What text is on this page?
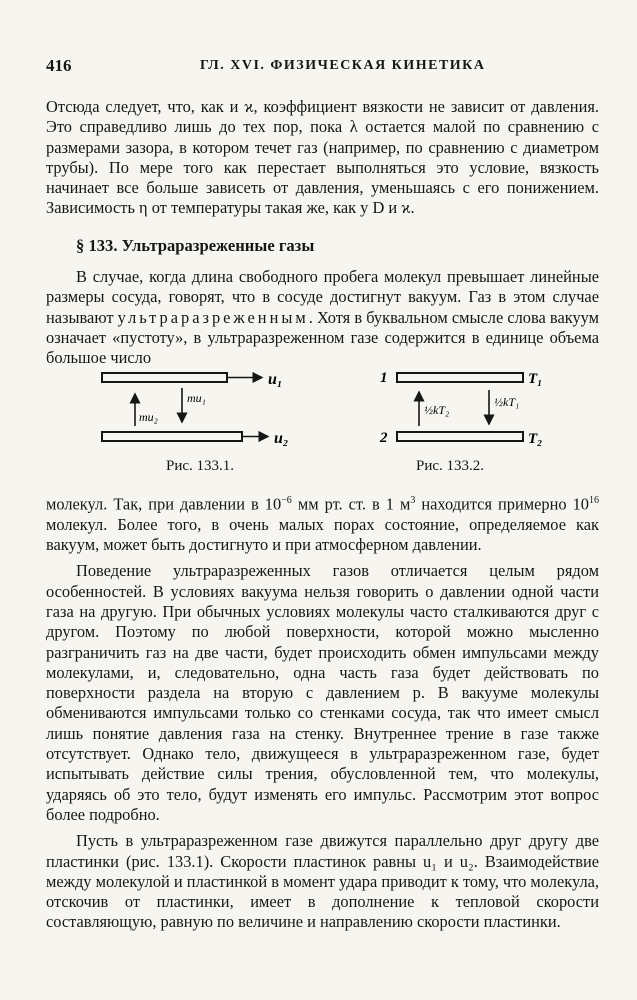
416	ГЛ. XVI. ФИЗИЧЕСКАЯ КИНЕТИКА

Отсюда следует, что, как и ϰ, коэффициент вязкости не зависит от давления. Это справедливо лишь до тех пор, пока λ остается малой по сравнению с размерами зазора, в котором течет газ (например, по сравнению с диаметром трубы). По мере того как перестает выполняться это условие, вязкость начинает все больше зависеть от давления, уменьшаясь с его понижением. Зависимость η от температуры такая же, как у D и ϰ.

§ 133. Ультраразреженные газы

В случае, когда длина свободного пробега молекул превышает линейные размеры сосуда, говорят, что в сосуде достигнут вакуум. Газ в этом случае называют ультраразреженным. Хотя в буквальном смысле слова вакуум означает «пустоту», в ультраразреженном газе содержится в единице объема большое число

u₁
u₂
mu₂
mu₁
Рис. 133.1.
1	T₁
2	T₂
½kT₂
½kT₁
Рис. 133.2.

молекул. Так, при давлении в $10^{-6}$ мм рт. ст. в 1 $м^3$ находится примерно $10^{16}$ молекул. Более того, в очень малых порах состояние, определяемое как вакуум, может быть достигнуто и при атмосферном давлении.

Поведение ультраразреженных газов отличается целым рядом особенностей. В условиях вакуума нельзя говорить о давлении одной части газа на другую. При обычных условиях молекулы часто сталкиваются друг с другом. Поэтому по любой поверхности, которой можно мысленно разграничить газ на две части, будет происходить обмен импульсами между молекулами, и, следовательно, одна часть газа будет действовать по поверхности раздела на вторую с давлением p. В вакууме молекулы обмениваются импульсами только со стенками сосуда, так что имеет смысл лишь понятие давления газа на стенку. Внутреннее трение в газе также отсутствует. Однако тело, движущееся в ультраразреженном газе, будет испытывать действие силы трения, обусловленной тем, что молекулы, ударяясь об это тело, будут изменять его импульс. Рассмотрим этот вопрос более подробно.

Пусть в ультраразреженном газе движутся параллельно друг другу две пластинки (рис. 133.1). Скорости пластинок равны u₁ и u₂. Взаимодействие между молекулой и пластинкой в момент удара приводит к тому, что молекула, отскочив от пластинки, имеет в дополнение к тепловой скорости составляющую, равную по величине и направлению скорости пластинки.
